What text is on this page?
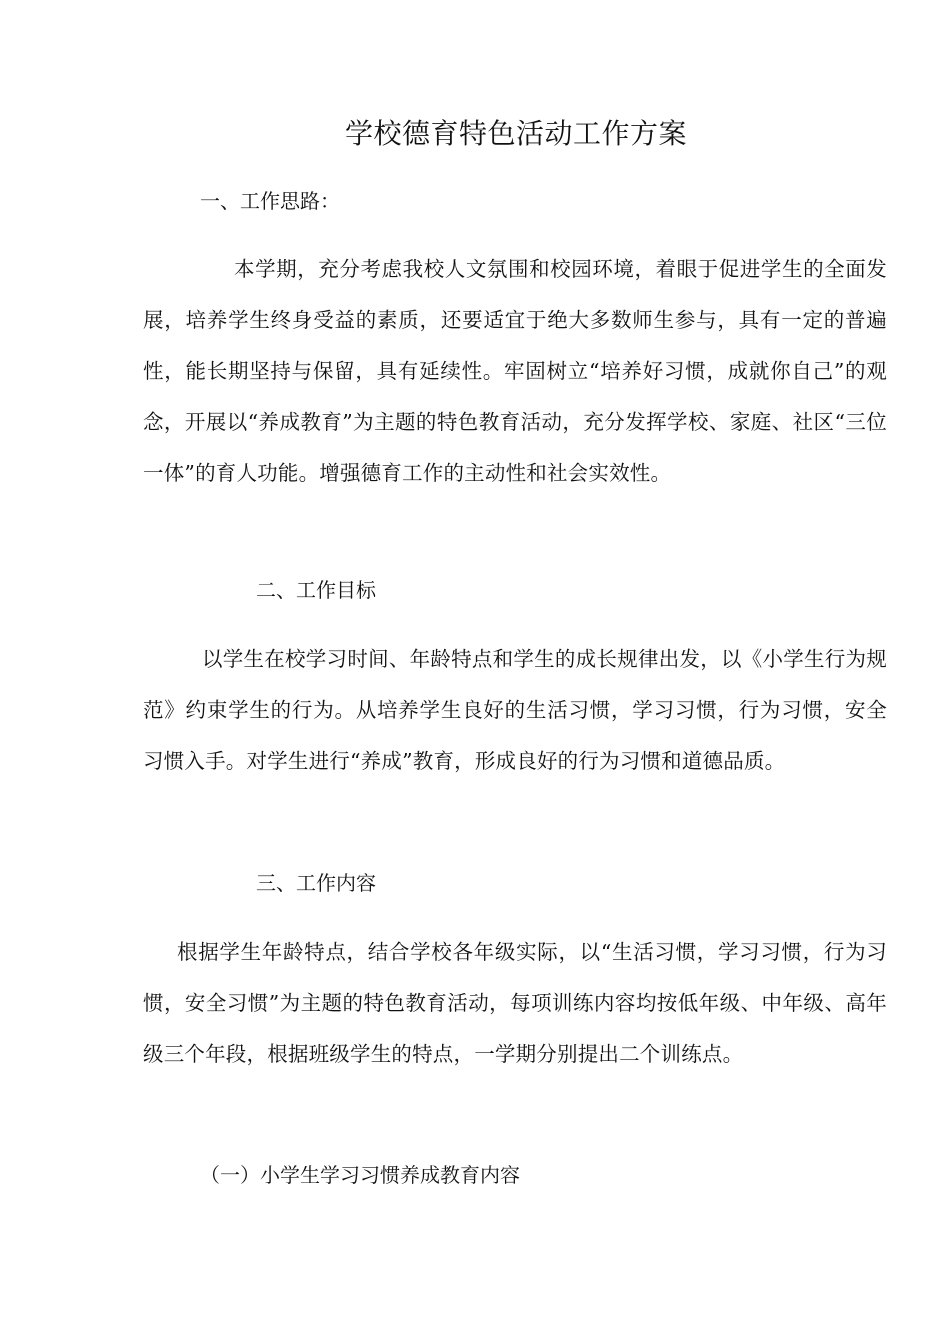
学校德育特色活动工作方案
一、工作思路：
本学期，充分考虑我校人文氛围和校园环境，着眼于促进学生的全面发展，培养学生终身受益的素质，还要适宜于绝大多数师生参与，具有一定的普遍性，能长期坚持与保留，具有延续性。牢固树立“培养好习惯，成就你自己”的观念，开展以“养成教育”为主题的特色教育活动，充分发挥学校、家庭、社区“三位一体”的育人功能。增强德育工作的主动性和社会实效性。
二、工作目标
以学生在校学习时间、年龄特点和学生的成长规律出发，以《小学生行为规范》约束学生的行为。从培养学生良好的生活习惯，学习习惯，行为习惯，安全习惯入手。对学生进行“养成”教育，形成良好的行为习惯和道德品质。
三、工作内容
根据学生年龄特点，结合学校各年级实际，以“生活习惯，学习习惯，行为习惯，安全习惯”为主题的特色教育活动，每项训练内容均按低年级、中年级、高年级三个年段，根据班级学生的特点，一学期分别提出二个训练点。
（一）小学生学习习惯养成教育内容
